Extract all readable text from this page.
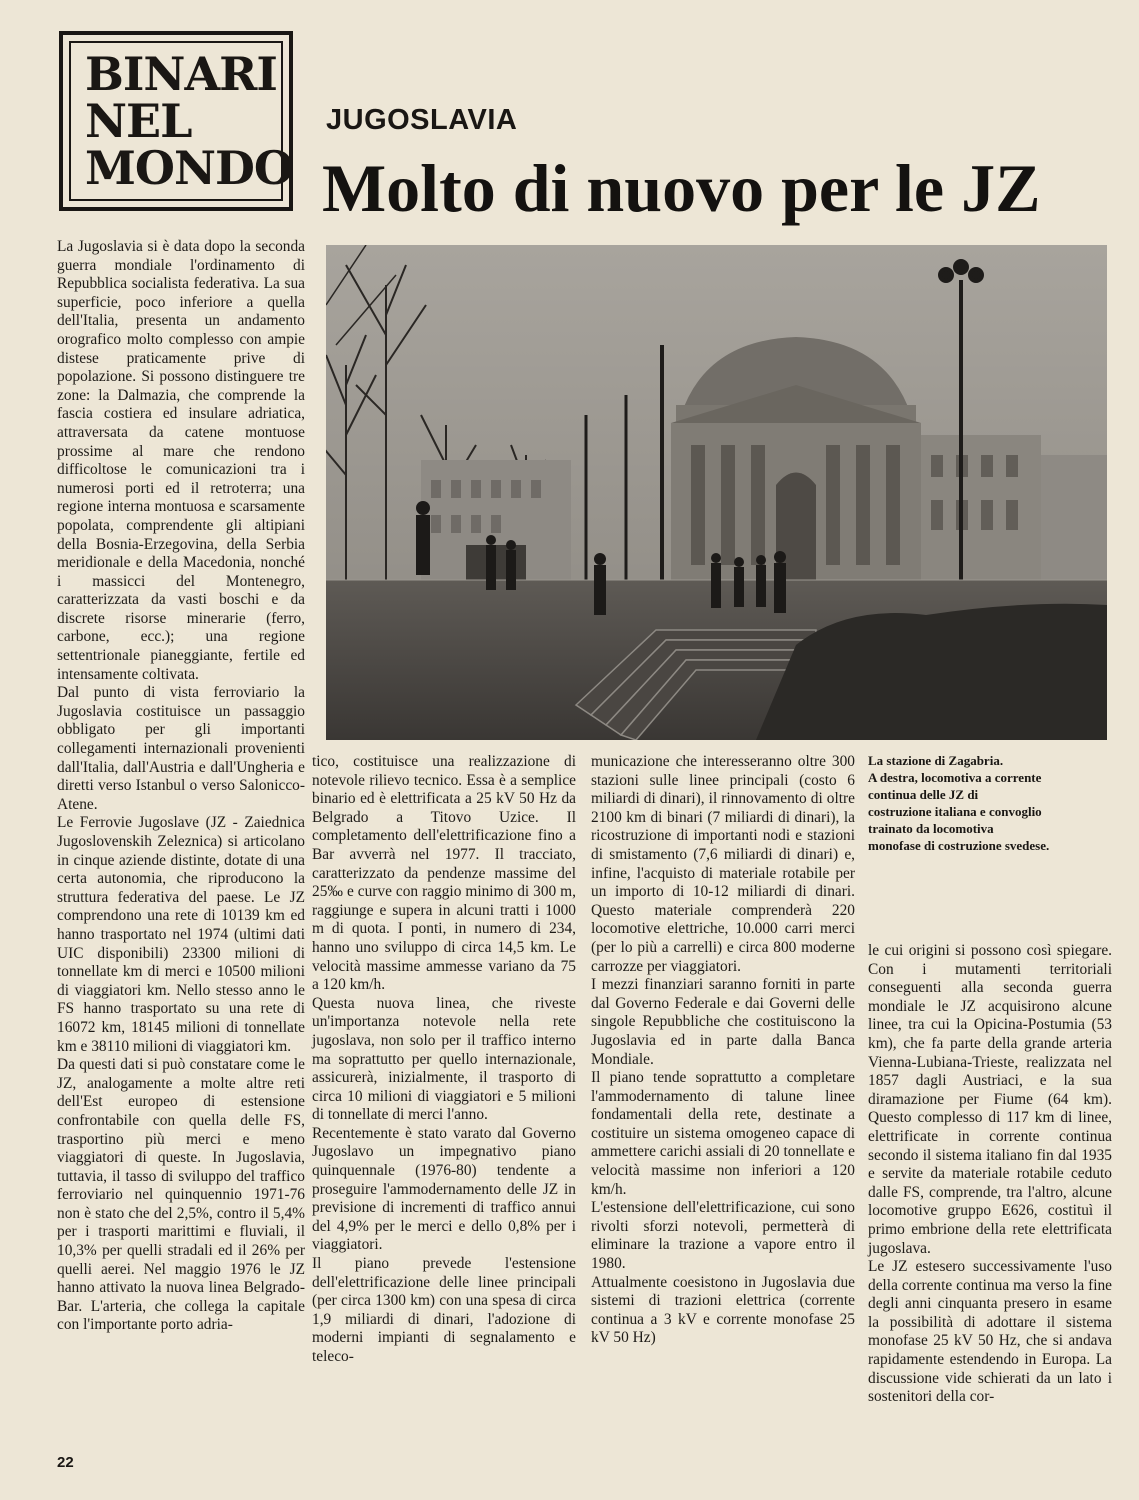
BINARI
NEL
MONDO
JUGOSLAVIA
Molto di nuovo per le JZ
La stazione di Zagabria.
A destra, locomotiva a corrente
continua delle JZ di
costruzione italiana e convoglio
trainato da locomotiva
monofase di costruzione svedese.

La Jugoslavia si è data dopo la seconda guerra mondiale l'ordinamento di Repubblica socialista federativa. La sua superficie, poco inferiore a quella dell'Italia, presenta un andamento orografico molto complesso con ampie distese praticamente prive di popolazione. Si possono distinguere tre zone: la Dalmazia, che comprende la fascia costiera ed insulare adriatica, attraversata da catene montuose prossime al mare che rendono difficoltose le comunicazioni tra i numerosi porti ed il retroterra; una regione interna montuosa e scarsamente popolata, comprendente gli altipiani della Bosnia-Erzegovina, della Serbia meridionale e della Macedonia, nonché i massicci del Montenegro, caratterizzata da vasti boschi e da discrete risorse minerarie (ferro, carbone, ecc.); una regione settentrionale pianeggiante, fertile ed intensamente coltivata.

Dal punto di vista ferroviario la Jugoslavia costituisce un passaggio obbligato per gli importanti collegamenti internazionali provenienti dall'Italia, dall'Austria e dall'Ungheria e diretti verso Istanbul o verso Salonicco-Atene.

Le Ferrovie Jugoslave (JZ - Zaiednica Jugoslovenskih Zeleznica) si articolano in cinque aziende distinte, dotate di una certa autonomia, che riproducono la struttura federativa del paese. Le JZ comprendono una rete di 10139 km ed hanno trasportato nel 1974 (ultimi dati UIC disponibili) 23300 milioni di tonnellate km di merci e 10500 milioni di viaggiatori km. Nello stesso anno le FS hanno trasportato su una rete di 16072 km, 18145 milioni di tonnellate km e 38110 milioni di viaggiatori km.

Da questi dati si può constatare come le JZ, analogamente a molte altre reti dell'Est europeo di estensione confrontabile con quella delle FS, trasportino più merci e meno viaggiatori di queste. In Jugoslavia, tuttavia, il tasso di sviluppo del traffico ferroviario nel quinquennio 1971-76 non è stato che del 2,5%, contro il 5,4% per i trasporti marittimi e fluviali, il 10,3% per quelli stradali ed il 26% per quelli aerei. Nel maggio 1976 le JZ hanno attivato la nuova linea Belgrado-Bar. L'arteria, che collega la capitale con l'importante porto adria-

tico, costituisce una realizzazione di notevole rilievo tecnico. Essa è a semplice binario ed è elettrificata a 25 kV 50 Hz da Belgrado a Titovo Uzice. Il completamento dell'elettrificazione fino a Bar avverrà nel 1977. Il tracciato, caratterizzato da pendenze massime del 25‰ e curve con raggio minimo di 300 m, raggiunge e supera in alcuni tratti i 1000 m di quota. I ponti, in numero di 234, hanno uno sviluppo di circa 14,5 km. Le velocità massime ammesse variano da 75 a 120 km/h.

Questa nuova linea, che riveste un'importanza notevole nella rete jugoslava, non solo per il traffico interno ma soprattutto per quello internazionale, assicurerà, inizialmente, il trasporto di circa 10 milioni di viaggiatori e 5 milioni di tonnellate di merci l'anno.

Recentemente è stato varato dal Governo Jugoslavo un impegnativo piano quinquennale (1976-80) tendente a proseguire l'ammodernamento delle JZ in previsione di incrementi di traffico annui del 4,9% per le merci e dello 0,8% per i viaggiatori.

Il piano prevede l'estensione dell'elettrificazione delle linee principali (per circa 1300 km) con una spesa di circa 1,9 miliardi di dinari, l'adozione di moderni impianti di segnalamento e teleco-

municazione che interesseranno oltre 300 stazioni sulle linee principali (costo 6 miliardi di dinari), il rinnovamento di oltre 2100 km di binari (7 miliardi di dinari), la ricostruzione di importanti nodi e stazioni di smistamento (7,6 miliardi di dinari) e, infine, l'acquisto di materiale rotabile per un importo di 10-12 miliardi di dinari. Questo materiale comprenderà 220 locomotive elettriche, 10.000 carri merci (per lo più a carrelli) e circa 800 moderne carrozze per viaggiatori.

I mezzi finanziari saranno forniti in parte dal Governo Federale e dai Governi delle singole Repubbliche che costituiscono la Jugoslavia ed in parte dalla Banca Mondiale.

Il piano tende soprattutto a completare l'ammodernamento di talune linee fondamentali della rete, destinate a costituire un sistema omogeneo capace di ammettere carichi assiali di 20 tonnellate e velocità massime non inferiori a 120 km/h.

L'estensione dell'elettrificazione, cui sono rivolti sforzi notevoli, permetterà di eliminare la trazione a vapore entro il 1980.

Attualmente coesistono in Jugoslavia due sistemi di trazioni elettrica (corrente continua a 3 kV e corrente monofase 25 kV 50 Hz)

le cui origini si possono così spiegare. Con i mutamenti territoriali conseguenti alla seconda guerra mondiale le JZ acquisirono alcune linee, tra cui la Opicina-Postumia (53 km), che fa parte della grande arteria Vienna-Lubiana-Trieste, realizzata nel 1857 dagli Austriaci, e la sua diramazione per Fiume (64 km). Questo complesso di 117 km di linee, elettrificate in corrente continua secondo il sistema italiano fin dal 1935 e servite da materiale rotabile ceduto dalle FS, comprende, tra l'altro, alcune locomotive gruppo E626, costituì il primo embrione della rete elettrificata jugoslava.

Le JZ estesero successivamente l'uso della corrente continua ma verso la fine degli anni cinquanta presero in esame la possibilità di adottare il sistema monofase 25 kV 50 Hz, che si andava rapidamente estendendo in Europa. La discussione vide schierati da un lato i sostenitori della cor-

22
